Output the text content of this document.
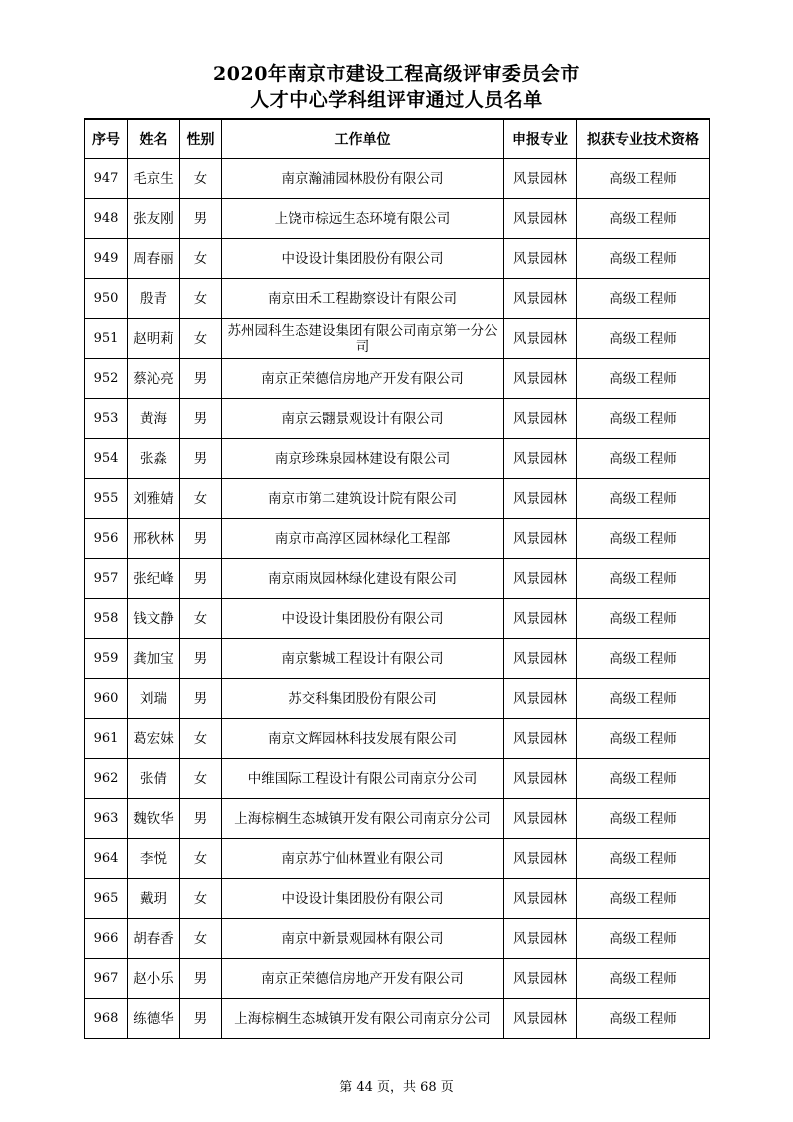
2020年南京市建设工程高级评审委员会市
人才中心学科组评审通过人员名单
序号	姓名	性别	工作单位	申报专业	拟获专业技术资格
947	毛京生	女	南京瀚浦园林股份有限公司	风景园林	高级工程师
948	张友刚	男	上饶市棕远生态环境有限公司	风景园林	高级工程师
949	周春丽	女	中设设计集团股份有限公司	风景园林	高级工程师
950	殷青	女	南京田禾工程勘察设计有限公司	风景园林	高级工程师
951	赵明莉	女	苏州园科生态建设集团有限公司南京第一分公司	风景园林	高级工程师
952	蔡沁亮	男	南京正荣德信房地产开发有限公司	风景园林	高级工程师
953	黄海	男	南京云翾景观设计有限公司	风景园林	高级工程师
954	张淼	男	南京珍珠泉园林建设有限公司	风景园林	高级工程师
955	刘雅婧	女	南京市第二建筑设计院有限公司	风景园林	高级工程师
956	邢秋林	男	南京市高淳区园林绿化工程部	风景园林	高级工程师
957	张纪峰	男	南京雨岚园林绿化建设有限公司	风景园林	高级工程师
958	钱文静	女	中设设计集团股份有限公司	风景园林	高级工程师
959	龚加宝	男	南京紫城工程设计有限公司	风景园林	高级工程师
960	刘瑞	男	苏交科集团股份有限公司	风景园林	高级工程师
961	葛宏妹	女	南京文辉园林科技发展有限公司	风景园林	高级工程师
962	张倩	女	中维国际工程设计有限公司南京分公司	风景园林	高级工程师
963	魏钦华	男	上海棕榈生态城镇开发有限公司南京分公司	风景园林	高级工程师
964	李悦	女	南京苏宁仙林置业有限公司	风景园林	高级工程师
965	戴玥	女	中设设计集团股份有限公司	风景园林	高级工程师
966	胡春香	女	南京中新景观园林有限公司	风景园林	高级工程师
967	赵小乐	男	南京正荣德信房地产开发有限公司	风景园林	高级工程师
968	练德华	男	上海棕榈生态城镇开发有限公司南京分公司	风景园林	高级工程师
第 44 页，共 68 页
